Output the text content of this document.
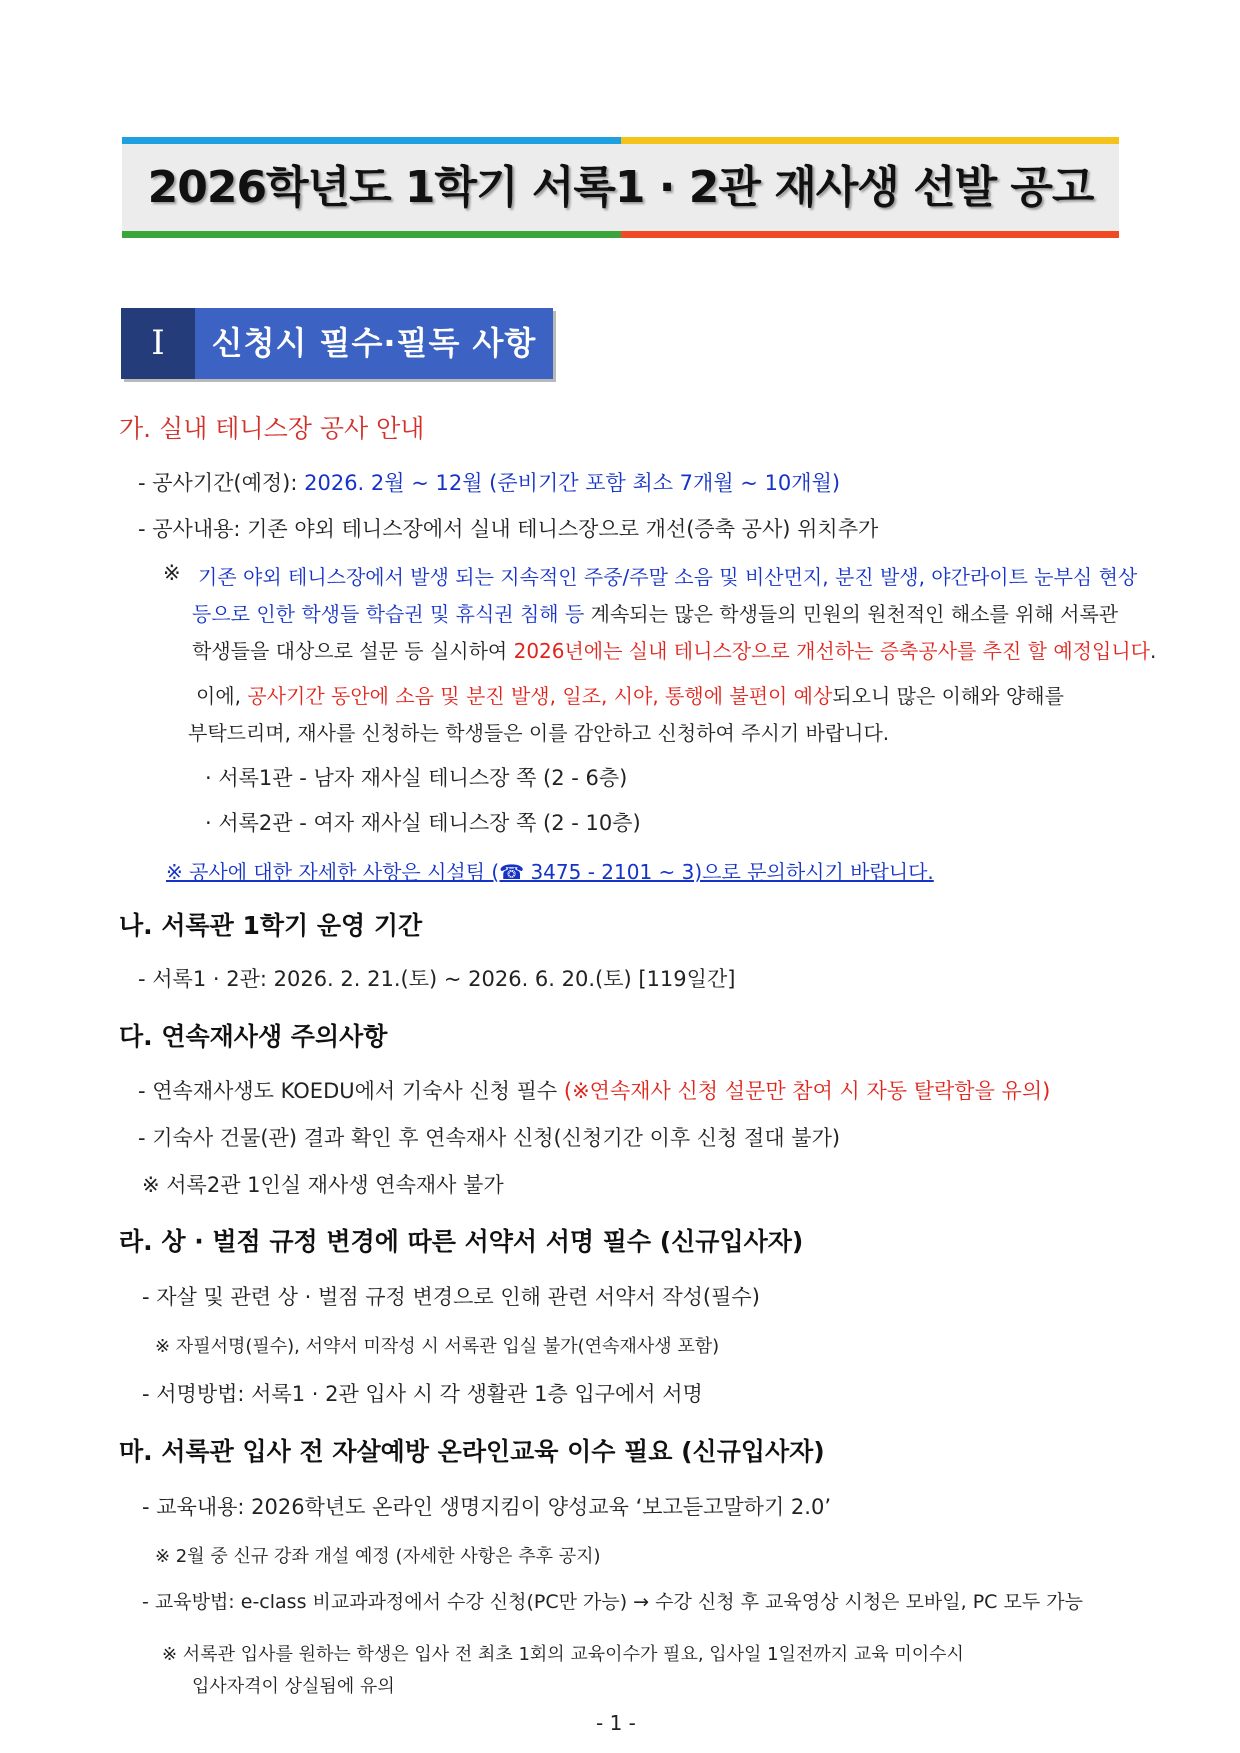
2026학년도 1학기 서록1 · 2관 재사생 선발 공고
I	신청시 필수·필독 사항
가. 실내 테니스장 공사 안내
- 공사기간(예정): 2026. 2월 ~ 12월 (준비기간 포함 최소 7개월 ~ 10개월)
- 공사내용: 기존 야외 테니스장에서 실내 테니스장으로 개선(증축 공사) 위치추가
※ 기존 야외 테니스장에서 발생 되는 지속적인 주중/주말 소음 및 비산먼지, 분진 발생, 야간라이트 눈부심 현상
등으로 인한 학생들 학습권 및 휴식권 침해 등 계속되는 많은 학생들의 민원의 원천적인 해소를 위해 서록관
학생들을 대상으로 설문 등 실시하여 2026년에는 실내 테니스장으로 개선하는 증축공사를 추진 할 예정입니다.
이에, 공사기간 동안에 소음 및 분진 발생, 일조, 시야, 통행에 불편이 예상되오니 많은 이해와 양해를
부탁드리며, 재사를 신청하는 학생들은 이를 감안하고 신청하여 주시기 바랍니다.
· 서록1관 - 남자 재사실 테니스장 쪽 (2 - 6층)
· 서록2관 - 여자 재사실 테니스장 쪽 (2 - 10층)
※ 공사에 대한 자세한 사항은 시설팀 (☎ 3475 - 2101 ~ 3)으로 문의하시기 바랍니다.
나. 서록관 1학기 운영 기간
- 서록1 · 2관: 2026. 2. 21.(토) ~ 2026. 6. 20.(토) [119일간]
다. 연속재사생 주의사항
- 연속재사생도 KOEDU에서 기숙사 신청 필수 (※연속재사 신청 설문만 참여 시 자동 탈락함을 유의)
- 기숙사 건물(관) 결과 확인 후 연속재사 신청(신청기간 이후 신청 절대 불가)
※ 서록2관 1인실 재사생 연속재사 불가
라. 상 · 벌점 규정 변경에 따른 서약서 서명 필수 (신규입사자)
- 자살 및 관련 상 · 벌점 규정 변경으로 인해 관련 서약서 작성(필수)
※ 자필서명(필수), 서약서 미작성 시 서록관 입실 불가(연속재사생 포함)
- 서명방법: 서록1 · 2관 입사 시 각 생활관 1층 입구에서 서명
마. 서록관 입사 전 자살예방 온라인교육 이수 필요 (신규입사자)
- 교육내용: 2026학년도 온라인 생명지킴이 양성교육 ‘보고듣고말하기 2.0’
※ 2월 중 신규 강좌 개설 예정 (자세한 사항은 추후 공지)
- 교육방법: e-class 비교과과정에서 수강 신청(PC만 가능) → 수강 신청 후 교육영상 시청은 모바일, PC 모두 가능
※ 서록관 입사를 원하는 학생은 입사 전 최초 1회의 교육이수가 필요, 입사일 1일전까지 교육 미이수시
입사자격이 상실됨에 유의
- 1 -
